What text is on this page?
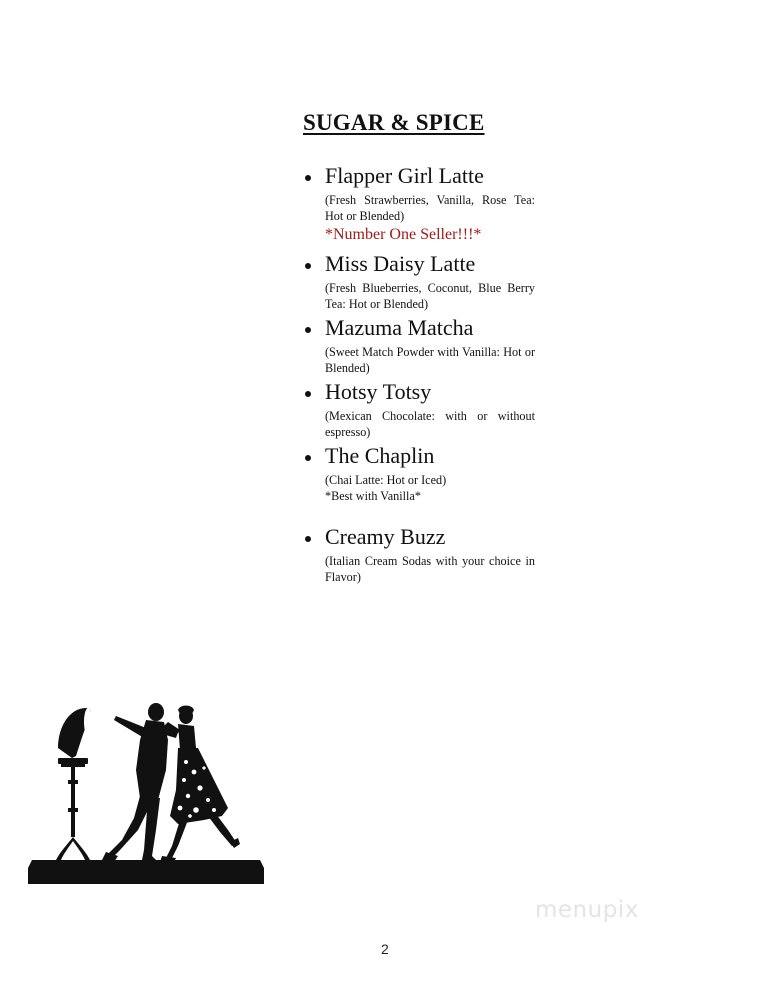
SUGAR & SPICE
Flapper Girl Latte
(Fresh Strawberries, Vanilla, Rose Tea: Hot or Blended)
*Number One Seller!!!*
Miss Daisy Latte
(Fresh Blueberries, Coconut, Blue Berry Tea: Hot or Blended)
Mazuma Matcha
(Sweet Match Powder with Vanilla: Hot or Blended)
Hotsy Totsy
(Mexican Chocolate: with or without espresso)
The Chaplin
(Chai Latte: Hot or Iced)
*Best with Vanilla*
Creamy Buzz
(Italian Cream Sodas with your choice in Flavor)
menupix
2
